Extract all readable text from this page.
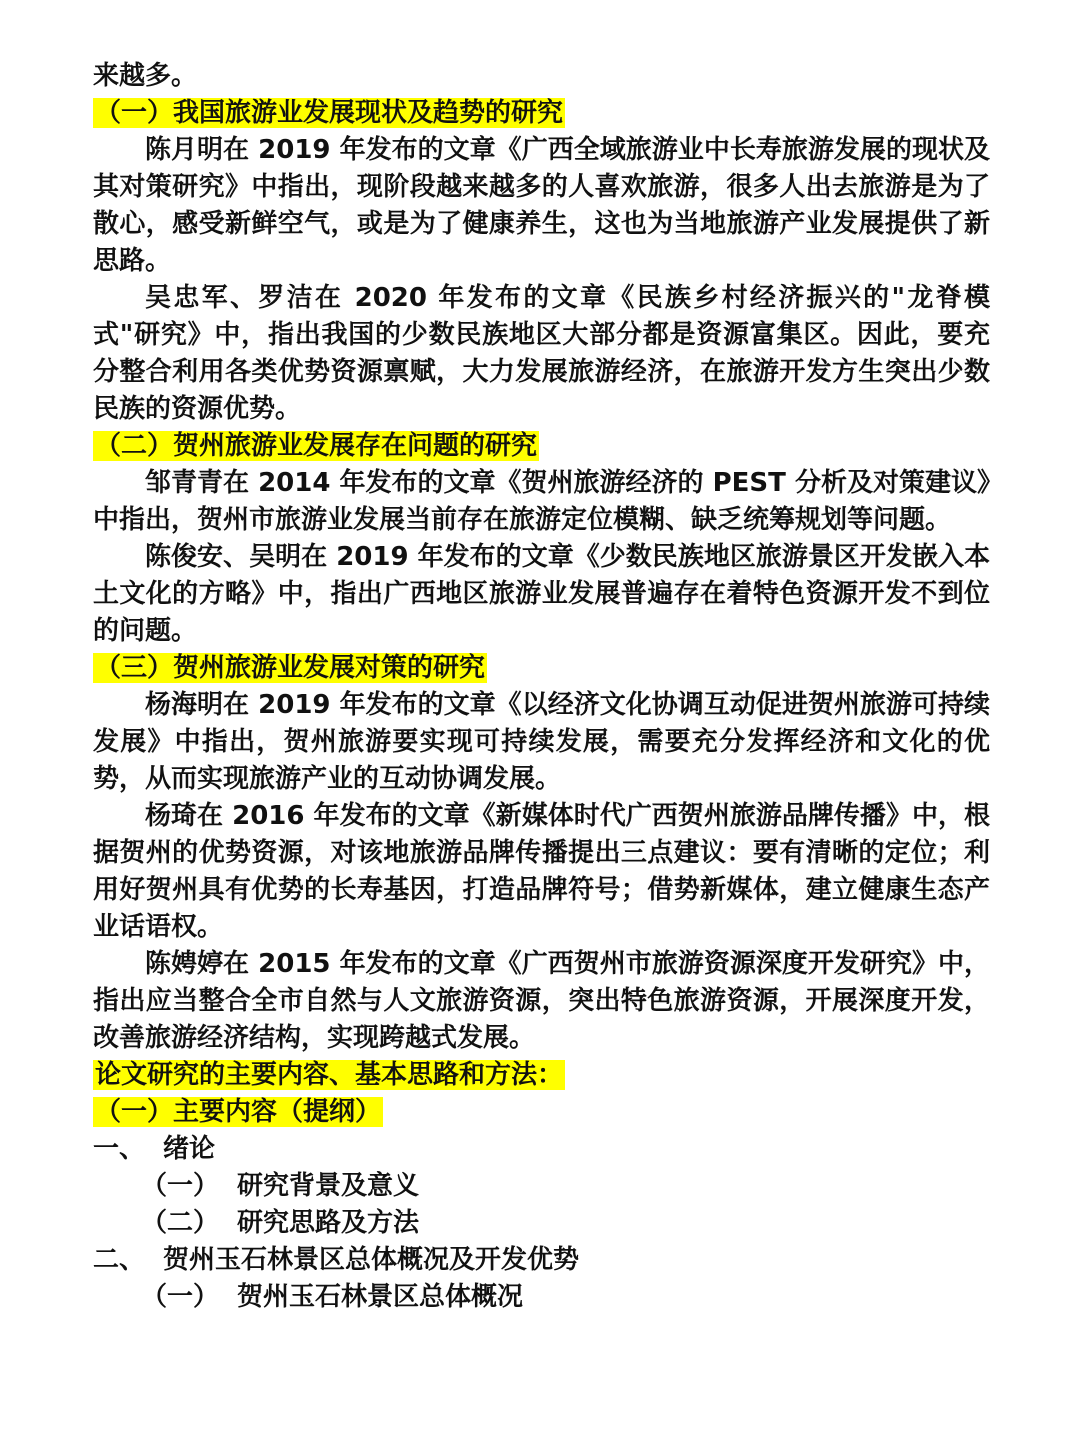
来越多。

（一）我国旅游业发展现状及趋势的研究

陈月明在 2019 年发布的文章《广西全域旅游业中长寿旅游发展的现状及其对策研究》中指出，现阶段越来越多的人喜欢旅游，很多人出去旅游是为了散心，感受新鲜空气，或是为了健康养生，这也为当地旅游产业发展提供了新思路。

吴忠军、罗洁在 2020 年发布的文章《民族乡村经济振兴的"龙脊模式"研究》中，指出我国的少数民族地区大部分都是资源富集区。因此，要充分整合利用各类优势资源禀赋，大力发展旅游经济，在旅游开发方生突出少数民族的资源优势。

（二）贺州旅游业发展存在问题的研究

邹青青在 2014 年发布的文章《贺州旅游经济的 PEST 分析及对策建议》中指出，贺州市旅游业发展当前存在旅游定位模糊、缺乏统筹规划等问题。

陈俊安、吴明在 2019 年发布的文章《少数民族地区旅游景区开发嵌入本土文化的方略》中，指出广西地区旅游业发展普遍存在着特色资源开发不到位的问题。

（三）贺州旅游业发展对策的研究

杨海明在 2019 年发布的文章《以经济文化协调互动促进贺州旅游可持续发展》中指出，贺州旅游要实现可持续发展，需要充分发挥经济和文化的优势，从而实现旅游产业的互动协调发展。

杨琦在 2016 年发布的文章《新媒体时代广西贺州旅游品牌传播》中，根据贺州的优势资源，对该地旅游品牌传播提出三点建议：要有清晰的定位；利用好贺州具有优势的长寿基因，打造品牌符号；借势新媒体，建立健康生态产业话语权。

陈娉婷在 2015 年发布的文章《广西贺州市旅游资源深度开发研究》中，指出应当整合全市自然与人文旅游资源，突出特色旅游资源，开展深度开发，改善旅游经济结构，实现跨越式发展。

论文研究的主要内容、基本思路和方法：

（一）主要内容（提纲）

一、 绪论

（一） 研究背景及意义

（二） 研究思路及方法

二、 贺州玉石林景区总体概况及开发优势

（一） 贺州玉石林景区总体概况
